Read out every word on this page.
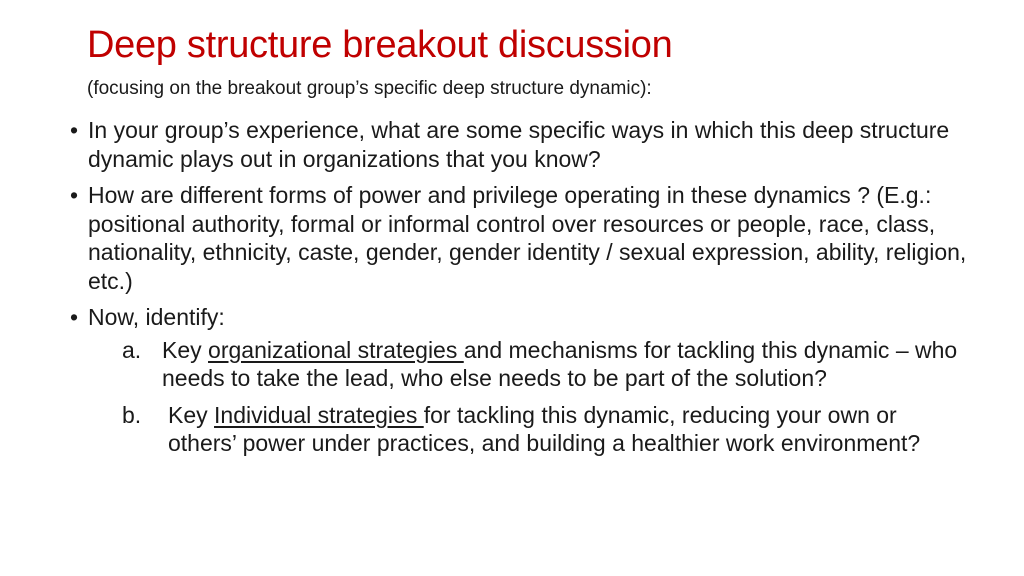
Deep structure breakout discussion
(focusing on the breakout group’s specific deep structure dynamic):
• In your group’s experience, what are some specific ways in which this deep structure dynamic plays out in organizations that you know?
• How are different forms of power and privilege operating in these dynamics ? (E.g.: positional authority, formal or informal control over resources or people, race, class, nationality, ethnicity, caste, gender, gender identity / sexual expression, ability, religion, etc.)
• Now, identify:
a. Key organizational strategies and mechanisms for tackling this dynamic – who needs to take the lead, who else needs to be part of the solution?
b. Key Individual strategies for tackling this dynamic, reducing your own or others’ power under practices, and building a healthier work environment?
